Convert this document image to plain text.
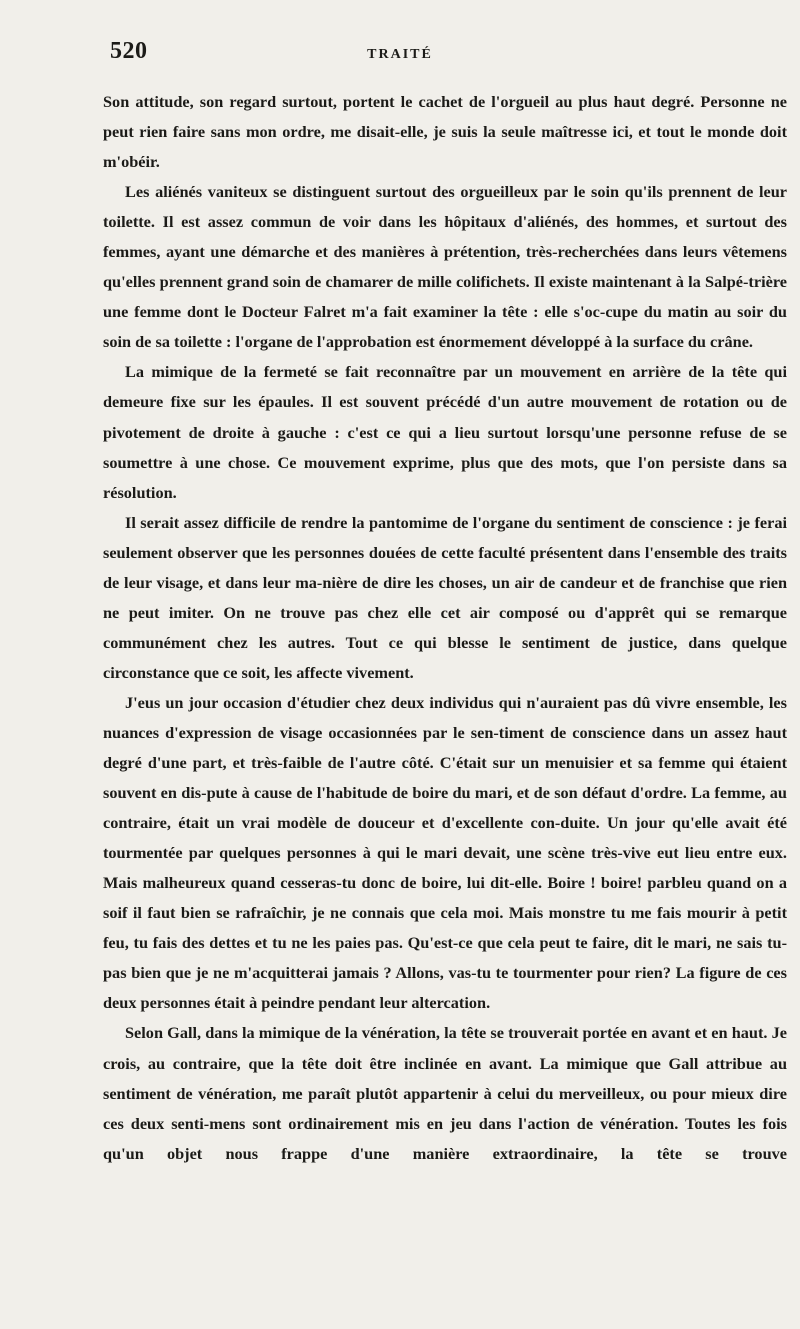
520	TRAITÉ

Son attitude, son regard surtout, portent le cachet de l'orgueil au plus haut degré. Personne ne peut rien faire sans mon ordre, me disait-elle, je suis la seule maîtresse ici, et tout le monde doit m'obéir.

Les aliénés vaniteux se distinguent surtout des orgueilleux par le soin qu'ils prennent de leur toilette. Il est assez commun de voir dans les hôpitaux d'aliénés, des hommes, et surtout des femmes, ayant une démarche et des manières à prétention, très-recherchées dans leurs vêtemens qu'elles prennent grand soin de chamarer de mille colifichets. Il existe maintenant à la Salpé-trière une femme dont le Docteur Falret m'a fait examiner la tête : elle s'oc-cupe du matin au soir du soin de sa toilette : l'organe de l'approbation est énormement développé à la surface du crâne.

La mimique de la fermeté se fait reconnaître par un mouvement en arrière de la tête qui demeure fixe sur les épaules. Il est souvent précédé d'un autre mouvement de rotation ou de pivotement de droite à gauche : c'est ce qui a lieu surtout lorsqu'une personne refuse de se soumettre à une chose. Ce mouvement exprime, plus que des mots, que l'on persiste dans sa résolution.

Il serait assez difficile de rendre la pantomime de l'organe du sentiment de conscience : je ferai seulement observer que les personnes douées de cette faculté présentent dans l'ensemble des traits de leur visage, et dans leur ma-nière de dire les choses, un air de candeur et de franchise que rien ne peut imiter. On ne trouve pas chez elle cet air composé ou d'apprêt qui se remarque communément chez les autres. Tout ce qui blesse le sentiment de justice, dans quelque circonstance que ce soit, les affecte vivement.

J'eus un jour occasion d'étudier chez deux individus qui n'auraient pas dû vivre ensemble, les nuances d'expression de visage occasionnées par le sen-timent de conscience dans un assez haut degré d'une part, et très-faible de l'autre côté. C'était sur un menuisier et sa femme qui étaient souvent en dis-pute à cause de l'habitude de boire du mari, et de son défaut d'ordre. La femme, au contraire, était un vrai modèle de douceur et d'excellente con-duite. Un jour qu'elle avait été tourmentée par quelques personnes à qui le mari devait, une scène très-vive eut lieu entre eux. Mais malheureux quand cesseras-tu donc de boire, lui dit-elle. Boire ! boire! parbleu quand on a soif il faut bien se rafraîchir, je ne connais que cela moi. Mais monstre tu me fais mourir à petit feu, tu fais des dettes et tu ne les paies pas. Qu'est-ce que cela peut te faire, dit le mari, ne sais tu-pas bien que je ne m'acquitterai jamais ? Allons, vas-tu te tourmenter pour rien? La figure de ces deux personnes était à peindre pendant leur altercation.

Selon Gall, dans la mimique de la vénération, la tête se trouverait portée en avant et en haut. Je crois, au contraire, que la tête doit être inclinée en avant. La mimique que Gall attribue au sentiment de vénération, me paraît plutôt appartenir à celui du merveilleux, ou pour mieux dire ces deux senti-mens sont ordinairement mis en jeu dans l'action de vénération. Toutes les fois qu'un objet nous frappe d'une manière extraordinaire, la tête se trouve
